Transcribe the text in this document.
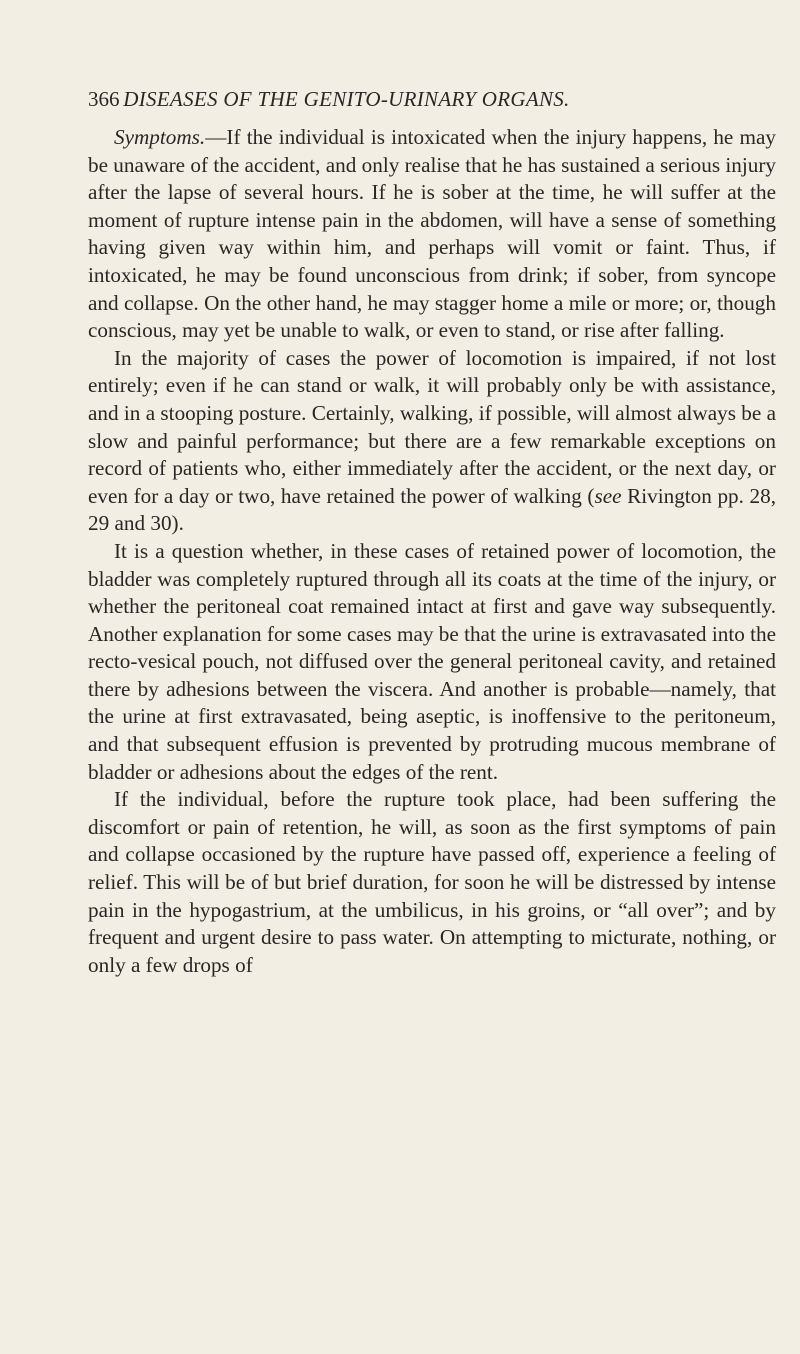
366 DISEASES OF THE GENITO-URINARY ORGANS.

Symptoms.—If the individual is intoxicated when the injury happens, he may be unaware of the accident, and only realise that he has sustained a serious injury after the lapse of several hours. If he is sober at the time, he will suffer at the moment of rupture intense pain in the abdomen, will have a sense of something having given way within him, and perhaps will vomit or faint. Thus, if intoxicated, he may be found unconscious from drink; if sober, from syncope and collapse. On the other hand, he may stagger home a mile or more; or, though conscious, may yet be unable to walk, or even to stand, or rise after falling.

In the majority of cases the power of locomotion is impaired, if not lost entirely; even if he can stand or walk, it will probably only be with assistance, and in a stooping posture. Certainly, walking, if possible, will almost always be a slow and painful performance; but there are a few remarkable exceptions on record of patients who, either immediately after the accident, or the next day, or even for a day or two, have retained the power of walking (see Rivington pp. 28, 29 and 30).

It is a question whether, in these cases of retained power of locomotion, the bladder was completely ruptured through all its coats at the time of the injury, or whether the peritoneal coat remained intact at first and gave way subsequently. Another explanation for some cases may be that the urine is extravasated into the recto-vesical pouch, not diffused over the general peritoneal cavity, and retained there by adhesions between the viscera. And another is probable—namely, that the urine at first extravasated, being aseptic, is inoffensive to the peritoneum, and that subsequent effusion is prevented by protruding mucous membrane of bladder or adhesions about the edges of the rent.

If the individual, before the rupture took place, had been suffering the discomfort or pain of retention, he will, as soon as the first symptoms of pain and collapse occasioned by the rupture have passed off, experience a feeling of relief. This will be of but brief duration, for soon he will be distressed by intense pain in the hypogastrium, at the umbilicus, in his groins, or “all over”; and by frequent and urgent desire to pass water. On attempting to micturate, nothing, or only a few drops of
